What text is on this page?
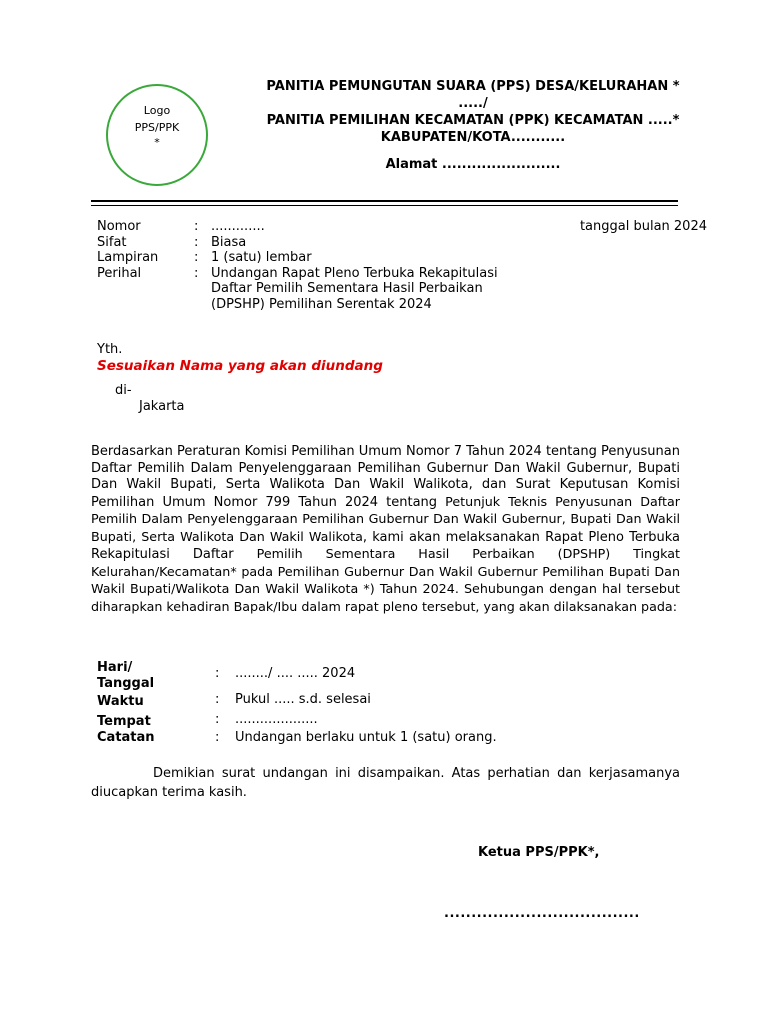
Logo
PPS/PPK
*
PANITIA PEMUNGUTAN SUARA (PPS) DESA/KELURAHAN *
...../
PANITIA PEMILIHAN KECAMATAN (PPK) KECAMATAN .....*
KABUPATEN/KOTA...........
Alamat ........................
Nomor	: .............
Sifat	: Biasa
Lampiran	: 1 (satu) lembar
Perihal	: Undangan Rapat Pleno Terbuka Rekapitulasi Daftar Pemilih Sementara Hasil Perbaikan (DPSHP) Pemilihan Serentak 2024
tanggal bulan 2024
Yth.
Sesuaikan Nama yang akan diundang
di-
Jakarta

Berdasarkan Peraturan Komisi Pemilihan Umum Nomor 7 Tahun 2024 tentang Penyusunan Daftar Pemilih Dalam Penyelenggaraan Pemilihan Gubernur Dan Wakil Gubernur, Bupati Dan Wakil Bupati, Serta Walikota Dan Wakil Walikota, dan Surat Keputusan Komisi Pemilihan Umum Nomor 799 Tahun 2024 tentang Petunjuk Teknis Penyusunan Daftar Pemilih Dalam Penyelenggaraan Pemilihan Gubernur Dan Wakil Gubernur, Bupati Dan Wakil Bupati, Serta Walikota Dan Wakil Walikota, kami akan melaksanakan Rapat Pleno Terbuka Rekapitulasi Daftar Pemilih Sementara Hasil Perbaikan (DPSHP) Tingkat Kelurahan/Kecamatan* pada Pemilihan Gubernur Dan Wakil Gubernur Pemilihan Bupati Dan Wakil Bupati/Walikota Dan Wakil Walikota *) Tahun 2024. Sehubungan dengan hal tersebut diharapkan kehadiran Bapak/Ibu dalam rapat pleno tersebut, yang akan dilaksanakan pada:

Hari/
Tanggal
: ......../ .... ..... 2024
Waktu	: Pukul ..... s.d. selesai
Tempat	: ....................
Catatan	: Undangan berlaku untuk 1 (satu) orang.
Demikian surat undangan ini disampaikan. Atas perhatian dan kerjasamanya diucapkan terima kasih.
Ketua PPS/PPK*,
....................................
